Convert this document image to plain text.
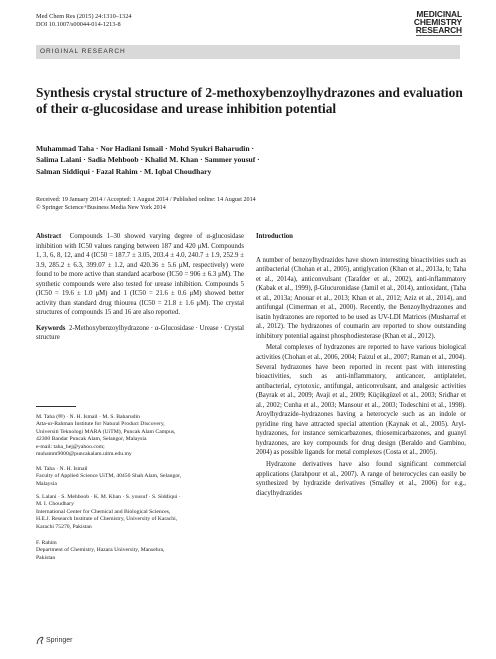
Med Chem Res (2015) 24:1310–1324
DOI 10.1007/s00044-014-1213-8
MEDICINAL
CHEMISTRY
RESEARCH
ORIGINAL RESEARCH
Synthesis crystal structure of 2-methoxybenzoylhydrazones and evaluation of their α-glucosidase and urease inhibition potential
Muhammad Taha · Nor Hadiani Ismail · Mohd Syukri Baharudin ·
Salima Lalani · Sadia Mehboob · Khalid M. Khan · Sammer yousuf ·
Salman Siddiqui · Fazal Rahim · M. Iqbal Choudhary
Received: 19 January 2014 / Accepted: 1 August 2014 / Published online: 14 August 2014
© Springer Science+Business Media New York 2014
Abstract Compounds 1–30 showed varying degree of α-glucosidase inhibition with IC50 values ranging between 187 and 420 μM. Compounds 1, 3, 6, 8, 12, and 4 (IC50 = 187.7 ± 3.05, 203.4 ± 4.0, 240.7 ± 1.9, 252.9 ± 3.9, 285.2 ± 6.3, 399.07 ± 1.2, and 420.36 ± 5.6 μM, respectively) were found to be more active than standard acarbose (IC50 = 906 ± 6.3 μM). The synthetic compounds were also tested for urease inhibition. Compounds 5 (IC50 = 19.6 ± 1.0 μM) and 1 (IC50 = 21.6 ± 0.6 μM) showed better activity than standard drug thiourea (IC50 = 21.8 ± 1.6 μM). The crystal structures of compounds 15 and 16 are also reported.
Keywords 2-Methoxybenzoylhydrazone · α-Glucosidase · Urease · Crystal structure
M. Taha (✉) · N. H. Ismail · M. S. Baharudin
Atta-ur-Rahman Institute for Natural Product Discovery,
Universiti Teknologi MARA (UiTM), Puncak Alam Campus,
42300 Bandar Puncak Alam, Selangor, Malaysia
e-mail: taha_hej@yahoo.com;
muhamm9000@puncakalam.uitm.edu.my
M. Taha · N. H. Ismail
Faculty of Applied Science UiTM, 40450 Shah Alam, Selangor,
Malaysia
S. Lalani · S. Mehboob · K. M. Khan · S. yousuf · S. Siddiqui ·
M. I. Choudhary
International Center for Chemical and Biological Sciences,
H.E.J. Research Institute of Chemistry, University of Karachi,
Karachi 75270, Pakistan
F. Rahim
Department of Chemistry, Hazara University, Mansehra,
Pakistan
Introduction

A number of benzoylhydrazides have shown interesting bioactivities such as antibacterial (Chohan et al., 2005), antiglycation (Khan et al., 2013a, b; Taha et al., 2014a), anticonvulsant (Tarafder et al., 2002), anti-inflammatory (Kabak et al., 1999), β-Glucuronidase (Jamil et al., 2014), antioxidant, (Taha et al., 2013a; Anouar et al., 2013; Khan et al., 2012; Aziz et al., 2014), and antifungal (Cimerman et al., 2000). Recently, the Benzoylhydrazones and isatin hydrazones are reported to be used as UV-LDI Matrices (Musharraf et al., 2012). The hydrazones of coumarin are reported to show outstanding inhibitory potential against phosphodiesterase (Khan et al., 2012).

Metal complexes of hydrazones are reported to have various biological activities (Chohan et al., 2006, 2004; Faizul et al., 2007; Raman et al., 2004). Several hydrazones have been reported in recent past with interesting bioactivities, such as anti-inflammatory, anticancer, antiplatelet, antibacterial, cytotoxic, antifungal, anticonvulsant, and analgesic activities (Bayrak et al., 2009; Avaji et al., 2009; Küçükgüzel et al., 2003; Sridhar et al., 2002; Cunha et al., 2003; Mansour et al., 2003; Todeschini et al., 1998). Aroylhydrazide–hydrazones having a heterocycle such as an indole or pyridine ring have attracted special attention (Kaynak et al., 2005). Aryl-hydrazones, for instance semicarbazones, thiosemicarbazones, and guanyl hydrazones, are key compounds for drug design (Beraldo and Gambino, 2004) as possible ligands for metal complexes (Costa et al., 2005).

Hydrazone derivatives have also found significant commercial applications (Jarahpour et al., 2007). A range of heterocycles can easily be synthesized by hydrazide derivatives (Smalley et al., 2006) for e.g., diacylhydrazides

Springer
